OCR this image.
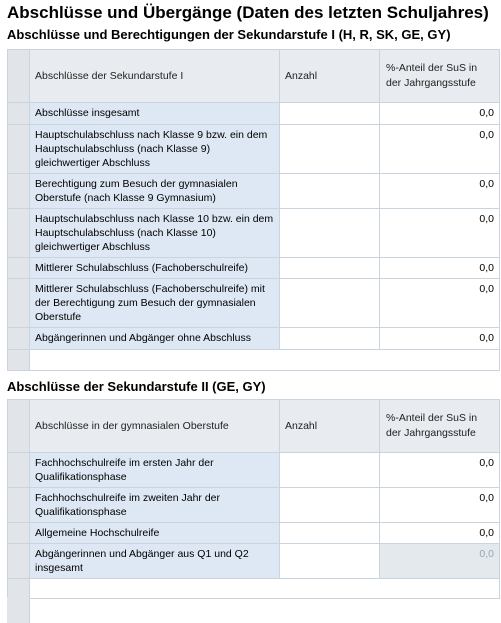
Abschlüsse und Übergänge (Daten des letzten Schuljahres)
Abschlüsse und Berechtigungen der Sekundarstufe I (H, R, SK, GE, GY)
	Abschlüsse der Sekundarstufe I	Anzahl	%-Anteil der SuS in der Jahrgangsstufe
	Abschlüsse insgesamt		0,0
	Hauptschulabschluss nach Klasse 9 bzw. ein dem Hauptschulabschluss (nach Klasse 9) gleichwertiger Abschluss		0,0
	Berechtigung zum Besuch der gymnasialen Oberstufe (nach Klasse 9 Gymnasium)		0,0
	Hauptschulabschluss nach Klasse 10 bzw. ein dem Hauptschulabschluss (nach Klasse 10) gleichwertiger Abschluss		0,0
	Mittlerer Schulabschluss (Fachoberschulreife)		0,0
	Mittlerer Schulabschluss (Fachoberschulreife) mit der Berechtigung zum Besuch der gymnasialen Oberstufe		0,0
	Abgängerinnen und Abgänger ohne Abschluss		0,0

Abschlüsse der Sekundarstufe II (GE, GY)
	Abschlüsse in der gymnasialen Oberstufe	Anzahl	%-Anteil der SuS in der Jahrgangsstufe
	Fachhochschulreife im ersten Jahr der Qualifikationsphase		0,0
	Fachhochschulreife im zweiten Jahr der Qualifikationsphase		0,0
	Allgemeine Hochschulreife		0,0
	Abgängerinnen und Abgänger aus Q1 und Q2 insgesamt		0,0
